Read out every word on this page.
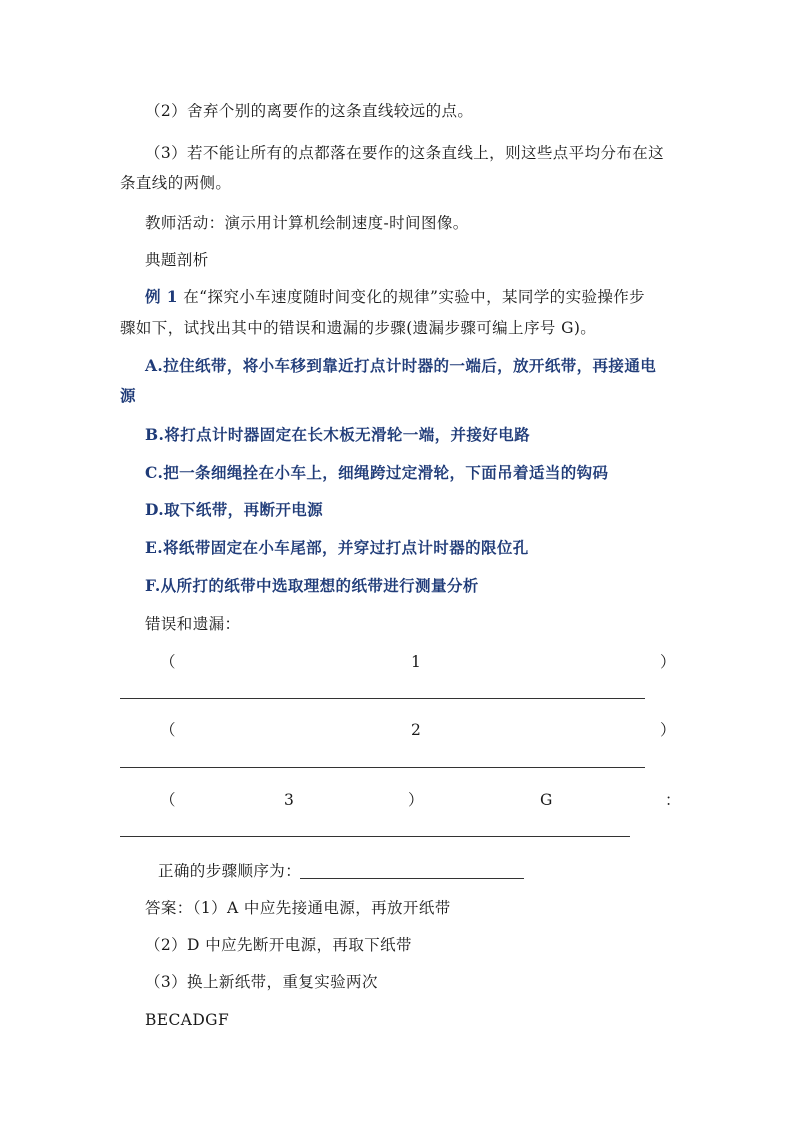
（2）舍弃个别的离要作的这条直线较远的点。
（3）若不能让所有的点都落在要作的这条直线上，则这些点平均分布在这
条直线的两侧。
教师活动：演示用计算机绘制速度-时间图像。
典题剖析
例 1 在“探究小车速度随时间变化的规律”实验中，某同学的实验操作步
骤如下，试找出其中的错误和遗漏的步骤(遗漏步骤可编上序号 G)。
A.拉住纸带，将小车移到靠近打点计时器的一端后，放开纸带，再接通电
源
B.将打点计时器固定在长木板无滑轮一端，并接好电路
C.把一条细绳拴在小车上，细绳跨过定滑轮，下面吊着适当的钩码
D.取下纸带，再断开电源
E.将纸带固定在小车尾部，并穿过打点计时器的限位孔
F.从所打的纸带中选取理想的纸带进行测量分析
错误和遗漏：
（	1	）
（	2	）
（	3	）	G	：
正确的步骤顺序为：
答案：（1）A 中应先接通电源，再放开纸带
（2）D 中应先断开电源，再取下纸带
（3）换上新纸带，重复实验两次
BECADGF
